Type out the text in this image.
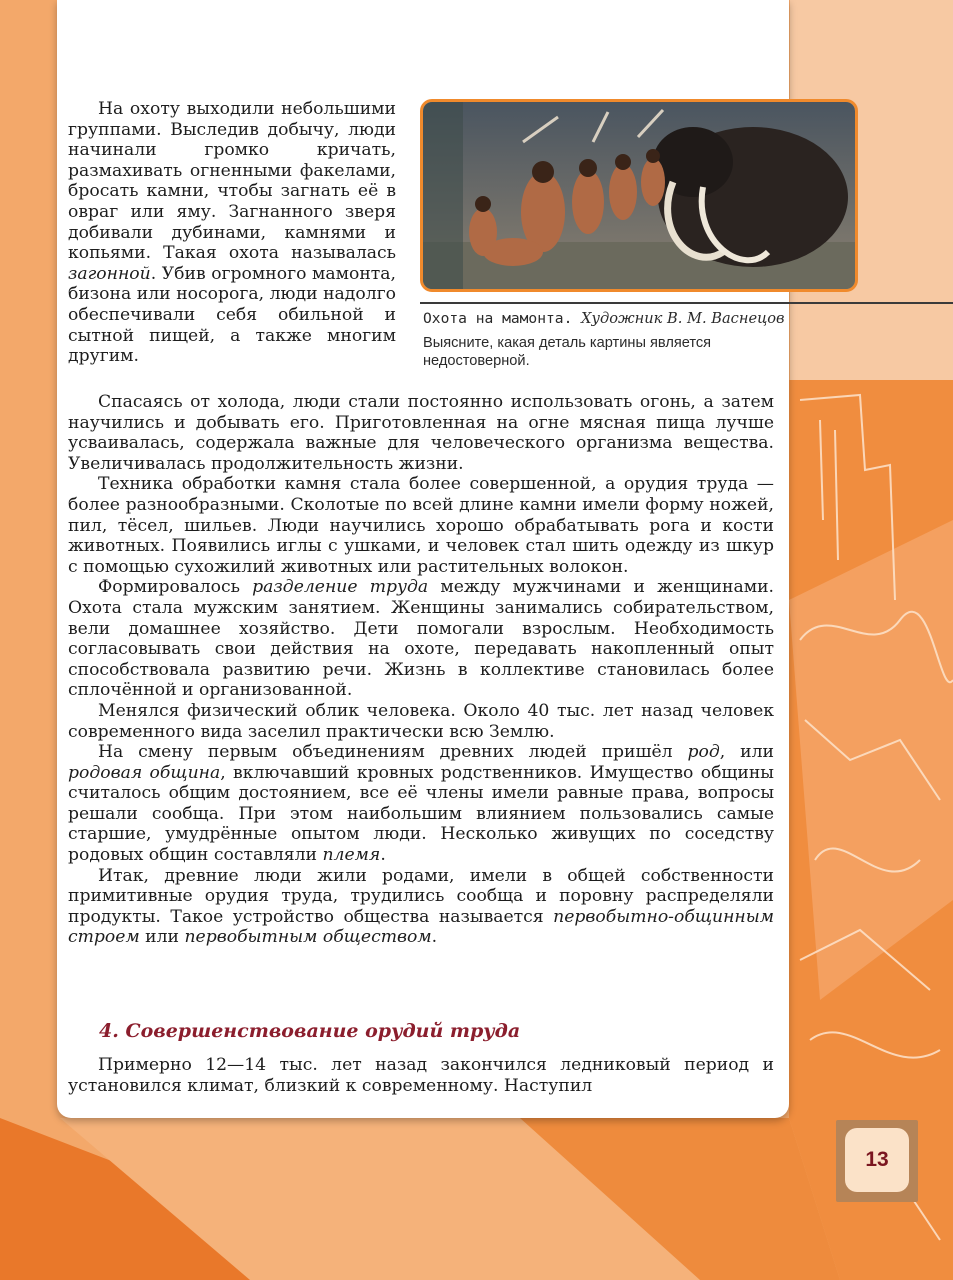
Охота на мамонта. Художник В. М. Васнецов
Выясните, какая деталь картины является недостоверной.

На охоту выходили небольшими группами. Выследив добычу, люди начинали громко кричать, размахивать огненными факелами, бросать камни, чтобы загнать её в овраг или яму. Загнанного зверя добивали дубинами, камнями и копьями. Такая охота называлась загонной. Убив огромного мамонта, бизона или носорога, люди надолго обеспечивали себя обильной и сытной пищей, а также многим другим.

Спасаясь от холода, люди стали постоянно использовать огонь, а затем научились и добывать его. Приготовленная на огне мясная пища лучше усваивалась, содержала важные для человеческого организма вещества. Увеличивалась продолжительность жизни.

Техника обработки камня стала более совершенной, а орудия труда — более разнообразными. Сколотые по всей длине камни имели форму ножей, пил, тёсел, шильев. Люди научились хорошо обрабатывать рога и кости животных. Появились иглы с ушками, и человек стал шить одежду из шкур с помощью сухожилий животных или растительных волокон.

Формировалось разделение труда между мужчинами и женщинами. Охота стала мужским занятием. Женщины занимались собирательством, вели домашнее хозяйство. Дети помогали взрослым. Необходимость согласовывать свои действия на охоте, передавать накопленный опыт способствовала развитию речи. Жизнь в коллективе становилась более сплочённой и организованной.

Менялся физический облик человека. Около 40 тыс. лет назад человек современного вида заселил практически всю Землю.

На смену первым объединениям древних людей пришёл род, или родовая община, включавший кровных родственников. Имущество общины считалось общим достоянием, все её члены имели равные права, вопросы решали сообща. При этом наибольшим влиянием пользовались самые старшие, умудрённые опытом люди. Несколько живущих по соседству родовых общин составляли племя.

Итак, древние люди жили родами, имели в общей собственности примитивные орудия труда, трудились сообща и поровну распределяли продукты. Такое устройство общества называется первобытно-общинным строем или первобытным обществом.

4. Совершенствование орудий труда

Примерно 12—14 тыс. лет назад закончился ледниковый период и установился климат, близкий к современному. Наступил

13
